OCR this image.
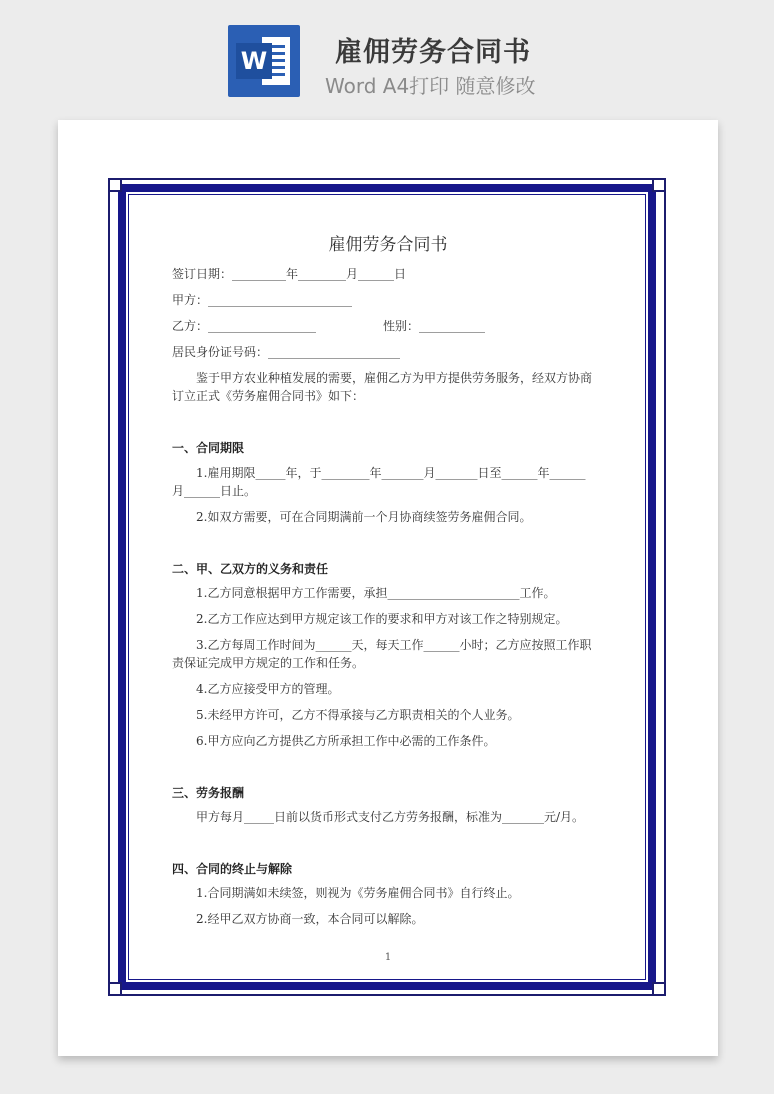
W	雇佣劳务合同书
Word A4打印 随意修改
雇佣劳务合同书
签订日期：_________年________月______日
甲方：________________________
乙方：__________________	性别：___________
居民身份证号码：______________________
鉴于甲方农业种植发展的需要，雇佣乙方为甲方提供劳务服务，经双方协商
订立正式《劳务雇佣合同书》如下：
一、合同期限
1.雇用期限_____年，于________年_______月_______日至______年______
月______日止。
2.如双方需要，可在合同期满前一个月协商续签劳务雇佣合同。
二、甲、乙双方的义务和责任
1.乙方同意根据甲方工作需要，承担______________________工作。
2.乙方工作应达到甲方规定该工作的要求和甲方对该工作之特别规定。
3.乙方每周工作时间为______天，每天工作______小时；乙方应按照工作职
责保证完成甲方规定的工作和任务。
4.乙方应接受甲方的管理。
5.未经甲方许可，乙方不得承接与乙方职责相关的个人业务。
6.甲方应向乙方提供乙方所承担工作中必需的工作条件。
三、劳务报酬
甲方每月_____日前以货币形式支付乙方劳务报酬，标准为_______元/月。
四、合同的终止与解除
1.合同期满如未续签，则视为《劳务雇佣合同书》自行终止。
2.经甲乙双方协商一致，本合同可以解除。
1
